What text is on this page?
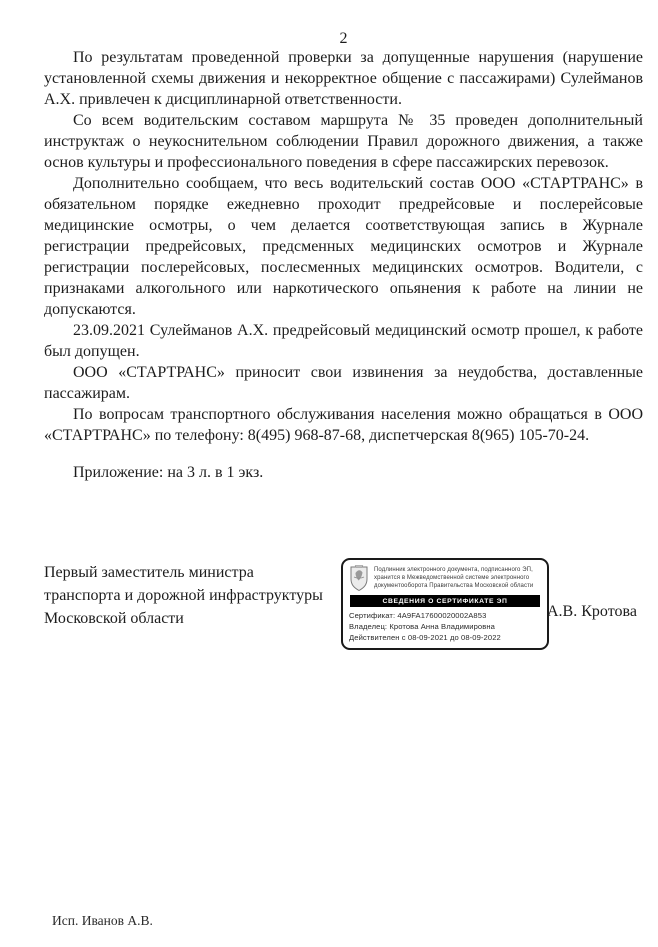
2

По результатам проведенной проверки за допущенные нарушения (нарушение установленной схемы движения и некорректное общение с пассажирами) Сулейманов А.Х. привлечен к дисциплинарной ответственности.

Со всем водительским составом маршрута № 35 проведен дополнительный инструктаж о неукоснительном соблюдении Правил дорожного движения, а также основ культуры и профессионального поведения в сфере пассажирских перевозок.

Дополнительно сообщаем, что весь водительский состав ООО «СТАРТРАНС» в обязательном порядке ежедневно проходит предрейсовые и послерейсовые медицинские осмотры, о чем делается соответствующая запись в Журнале регистрации предрейсовых, предсменных медицинских осмотров и Журнале регистрации послерейсовых, послесменных медицинских осмотров. Водители, с признаками алкогольного или наркотического опьянения к работе на линии не допускаются.

23.09.2021 Сулейманов А.Х. предрейсовый медицинский осмотр прошел, к работе был допущен.

ООО «СТАРТРАНС» приносит свои извинения за неудобства, доставленные пассажирам.

По вопросам транспортного обслуживания населения можно обращаться в ООО «СТАРТРАНС» по телефону: 8(495) 968-87-68, диспетчерская 8(965) 105-70-24.

Приложение: на 3 л. в 1 экз.

Первый заместитель министра
транспорта и дорожной инфраструктуры
Московской области
Подлинник электронного документа, подписанного ЭП,
хранится в Межведомственной системе электронного
документооборота Правительства Московской области
СВЕДЕНИЯ О СЕРТИФИКАТЕ ЭП
Сертификат: 4A9FA17600020002A853
Владелец: Кротова Анна Владимировна
Действителен с 08-09-2021 до 08-09-2022
А.В. Кротова
Исп. Иванов А.В.
